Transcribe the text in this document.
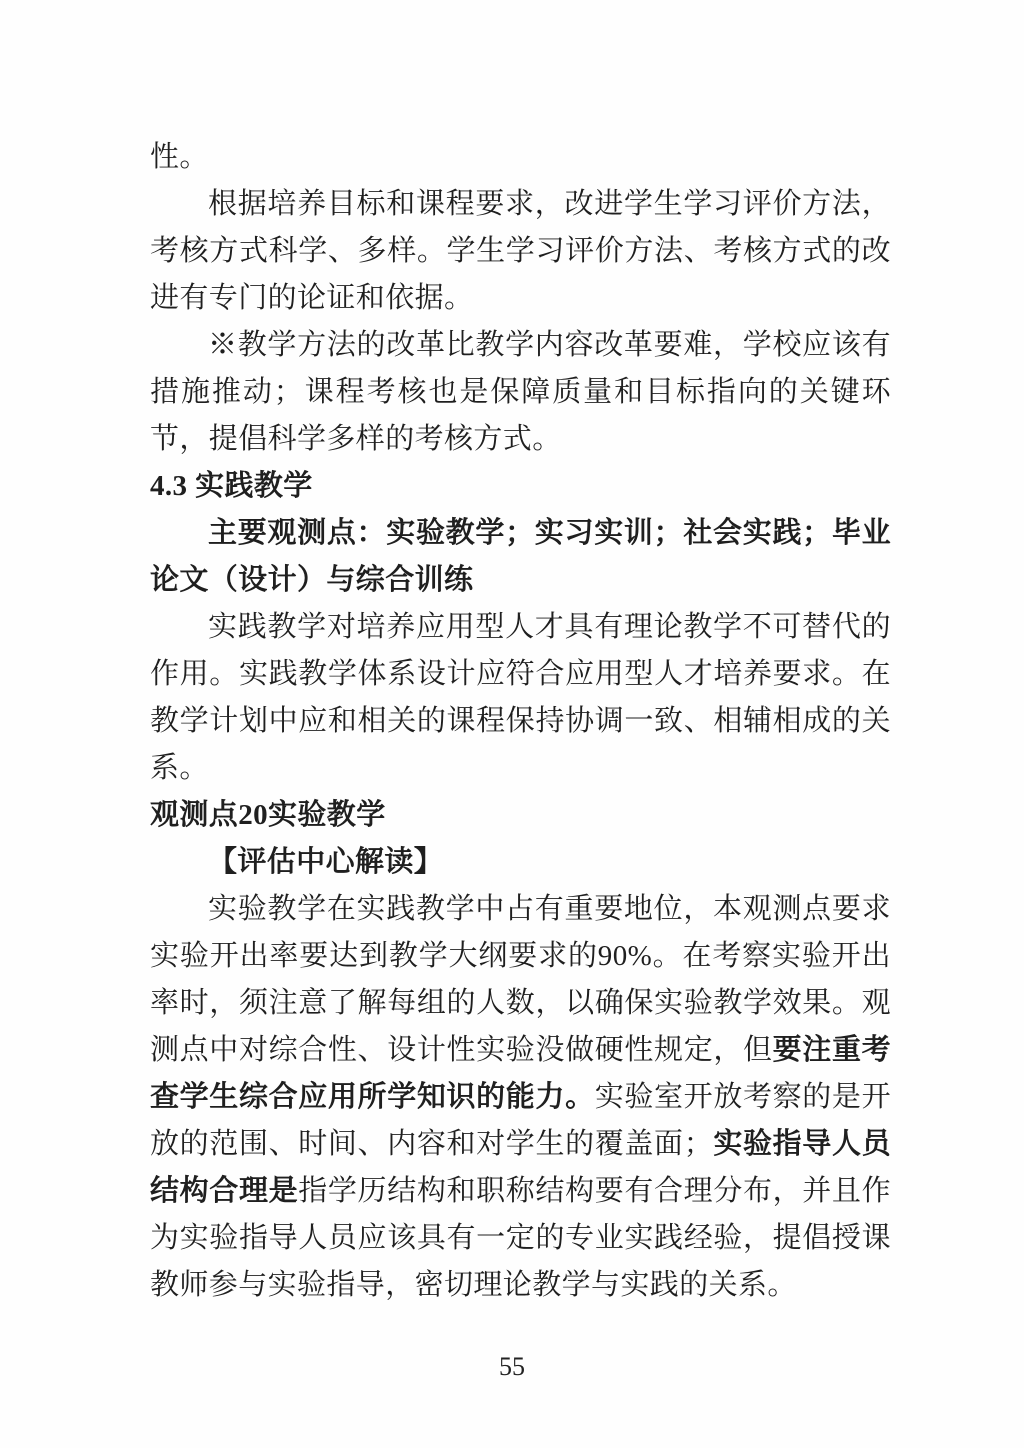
性。

根据培养目标和课程要求，改进学生学习评价方法，考核方式科学、多样。学生学习评价方法、考核方式的改进有专门的论证和依据。

※教学方法的改革比教学内容改革要难，学校应该有措施推动；课程考核也是保障质量和目标指向的关键环节，提倡科学多样的考核方式。

4.3 实践教学

主要观测点：实验教学；实习实训；社会实践；毕业论文（设计）与综合训练

实践教学对培养应用型人才具有理论教学不可替代的作用。实践教学体系设计应符合应用型人才培养要求。在教学计划中应和相关的课程保持协调一致、相辅相成的关系。

观测点20实验教学

【评估中心解读】

实验教学在实践教学中占有重要地位，本观测点要求实验开出率要达到教学大纲要求的90%。在考察实验开出率时，须注意了解每组的人数，以确保实验教学效果。观测点中对综合性、设计性实验没做硬性规定，但要注重考查学生综合应用所学知识的能力。实验室开放考察的是开放的范围、时间、内容和对学生的覆盖面；实验指导人员结构合理是指学历结构和职称结构要有合理分布，并且作为实验指导人员应该具有一定的专业实践经验，提倡授课教师参与实验指导，密切理论教学与实践的关系。

55
